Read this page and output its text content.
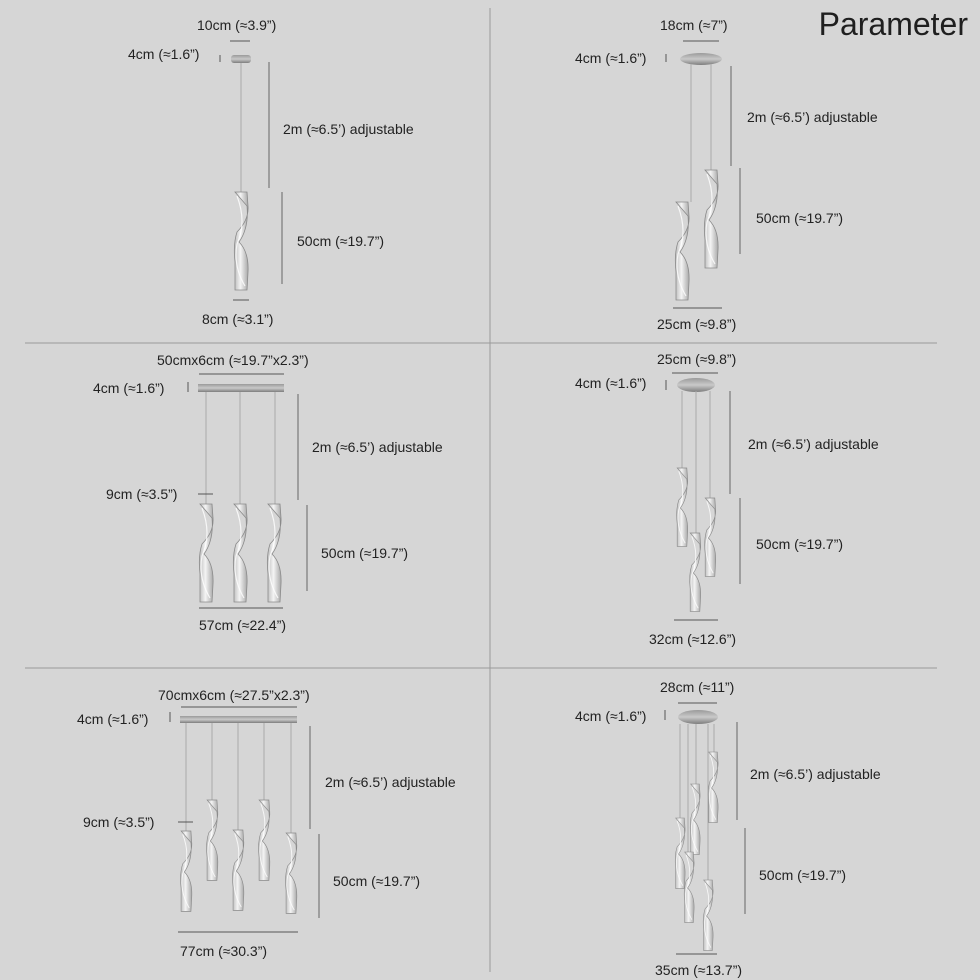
Parameter
10cm (≈3.9”)
4cm (≈1.6”)
2m (≈6.5’) adjustable
50cm (≈19.7”)
8cm (≈3.1”)
18cm (≈7”)
4cm (≈1.6”)
2m (≈6.5’) adjustable
50cm (≈19.7”)
25cm (≈9.8”)
50cmx6cm (≈19.7”x2.3”)
4cm (≈1.6”)
2m (≈6.5’) adjustable
9cm (≈3.5”)
50cm (≈19.7”)
57cm (≈22.4”)
25cm (≈9.8”)
4cm (≈1.6”)
2m (≈6.5’) adjustable
50cm (≈19.7”)
32cm (≈12.6”)
70cmx6cm (≈27.5”x2.3”)
4cm (≈1.6”)
2m (≈6.5’) adjustable
9cm (≈3.5”)
50cm (≈19.7”)
77cm (≈30.3”)
28cm (≈11”)
4cm (≈1.6”)
2m (≈6.5’) adjustable
50cm (≈19.7”)
35cm (≈13.7”)
